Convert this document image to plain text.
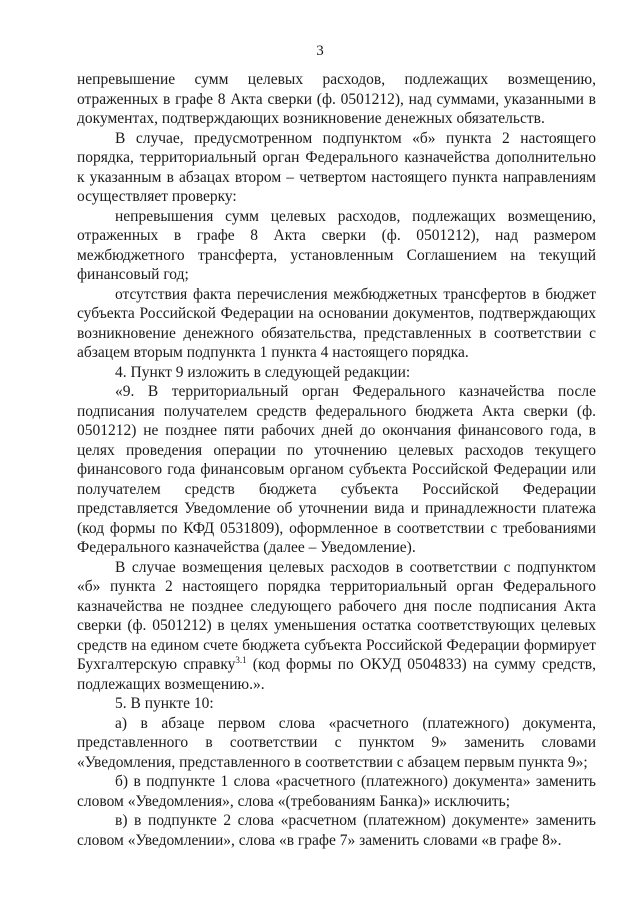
3

непревышение сумм целевых расходов, подлежащих возмещению, отраженных в графе 8 Акта сверки (ф. 0501212), над суммами, указанными в документах, подтверждающих возникновение денежных обязательств.

В случае, предусмотренном подпунктом «б» пункта 2 настоящего порядка, территориальный орган Федерального казначейства дополнительно к указанным в абзацах втором – четвертом настоящего пункта направлениям осуществляет проверку:

непревышения сумм целевых расходов, подлежащих возмещению, отраженных в графе 8 Акта сверки (ф. 0501212), над размером межбюджетного трансферта, установленным Соглашением на текущий финансовый год;

отсутствия факта перечисления межбюджетных трансфертов в бюджет субъекта Российской Федерации на основании документов, подтверждающих возникновение денежного обязательства, представленных в соответствии с абзацем вторым подпункта 1 пункта 4 настоящего порядка.

4. Пункт 9 изложить в следующей редакции:

«9. В территориальный орган Федерального казначейства после подписания получателем средств федерального бюджета Акта сверки (ф. 0501212) не позднее пяти рабочих дней до окончания финансового года, в целях проведения операции по уточнению целевых расходов текущего финансового года финансовым органом субъекта Российской Федерации или получателем средств бюджета субъекта Российской Федерации представляется Уведомление об уточнении вида и принадлежности платежа (код формы по КФД 0531809), оформленное в соответствии с требованиями Федерального казначейства (далее – Уведомление).

В случае возмещения целевых расходов в соответствии с подпунктом «б» пункта 2 настоящего порядка территориальный орган Федерального казначейства не позднее следующего рабочего дня после подписания Акта сверки (ф. 0501212) в целях уменьшения остатка соответствующих целевых средств на едином счете бюджета субъекта Российской Федерации формирует Бухгалтерскую справку$^{3.1}$ (код формы по ОКУД 0504833) на сумму средств, подлежащих возмещению.».

5. В пункте 10:

а) в абзаце первом слова «расчетного (платежного) документа, представленного в соответствии с пунктом 9» заменить словами «Уведомления, представленного в соответствии с абзацем первым пункта 9»;

б) в подпункте 1 слова «расчетного (платежного) документа» заменить словом «Уведомления», слова «(требованиям Банка)» исключить;

в) в подпункте 2 слова «расчетном (платежном) документе» заменить словом «Уведомлении», слова «в графе 7» заменить словами «в графе 8».
